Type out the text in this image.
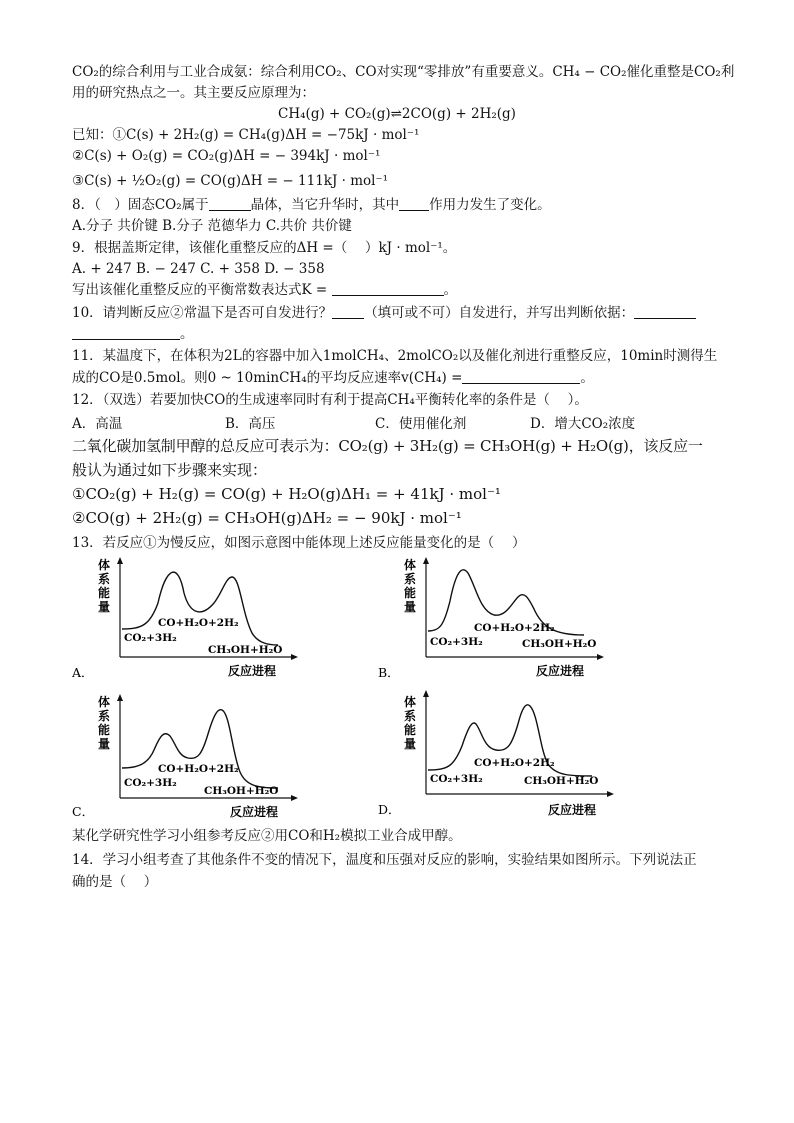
CO₂的综合利用与工业合成氨：综合利用CO₂、CO对实现“零排放”有重要意义。CH₄ − CO₂催化重整是CO₂利
用的研究热点之一。其主要反应原理为：
CH₄(g) + CO₂(g)⇌2CO(g) + 2H₂(g)
已知：①C(s) + 2H₂(g) = CH₄(g)ΔH = −75kJ · mol⁻¹
②C(s) + O₂(g) = CO₂(g)ΔH = − 394kJ · mol⁻¹
③C(s) + ½O₂(g) = CO(g)ΔH = − 111kJ · mol⁻¹
8．（　）固态CO₂属于	晶体，当它升华时，其中 作用力发生了变化。
A.分子 共价键 B.分子 范德华力 C.共价 共价键
9．根据盖斯定律，该催化重整反应的ΔH =（　 ）kJ · mol⁻¹。
A. + 247 B. − 247 C. + 358 D. − 358
写出该催化重整反应的平衡常数表达式K =	。
10．请判断反应②常温下是否可自发进行？ （填可或不可）自发进行，并写出判断依据：
。
11．某温度下，在体积为2L的容器中加入1molCH₄、2molCO₂以及催化剂进行重整反应，10min时测得生
成的CO是0.5mol。则0 ~ 10minCH₄的平均反应速率v(CH₄) =	。
12．（双选）若要加快CO的生成速率同时有利于提高CH₄平衡转化率的条件是（　 ）。
A．高温	B．高压	C．使用催化剂	D．增大CO₂浓度
二氧化碳加氢制甲醇的总反应可表示为：CO₂(g) + 3H₂(g) = CH₃OH(g) + H₂O(g)，该反应一
般认为通过如下步骤来实现：
①CO₂(g) + H₂(g) = CO(g) + H₂O(g)ΔH₁ = + 41kJ · mol⁻¹
②CO(g) + 2H₂(g) = CH₃OH(g)ΔH₂ = − 90kJ · mol⁻¹
13．若反应①为慢反应，如图示意图中能体现上述反应能量变化的是（　 ）
体
系
能
量
CO+H₂O+2H₂
CO₂+3H₂
CH₃OH+H₂O
反应进程
A．
体
系
能
量
CO+H₂O+2H₂
CO₂+3H₂	CH₃OH+H₂O
反应进程
B．
体
系
能
量
CO+H₂O+2H₂
CO₂+3H₂
CH₃OH+H₂O
反应进程
C．
体
系
能
量
CO+H₂O+2H₂
CO₂+3H₂	CH₃OH+H₂O
反应进程
D．
某化学研究性学习小组参考反应②用CO和H₂模拟工业合成甲醇。
14．学习小组考查了其他条件不变的情况下，温度和压强对反应的影响，实验结果如图所示。下列说法正
确的是（　 ）
